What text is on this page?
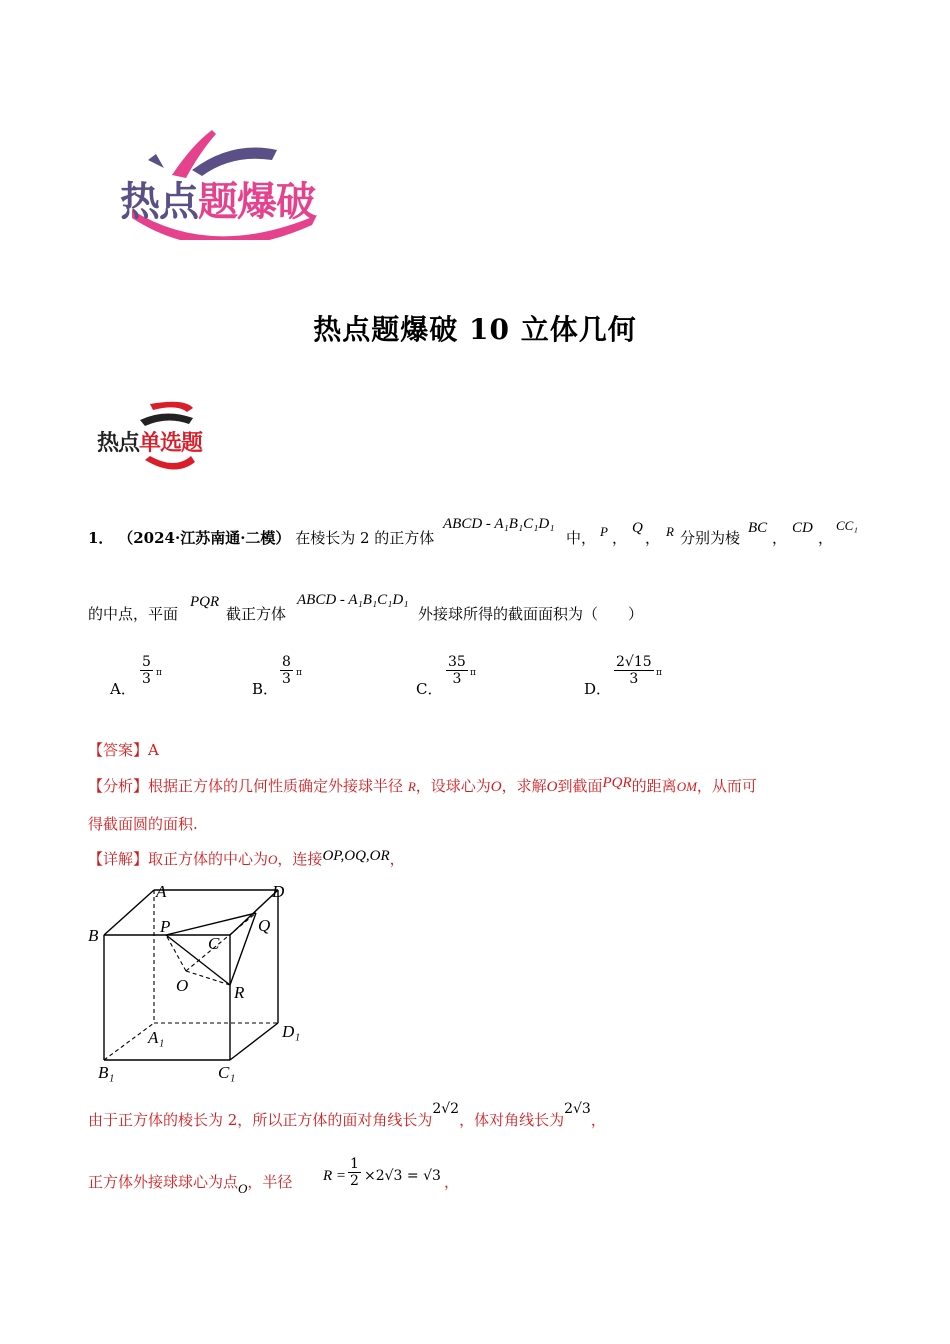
热点题爆破
热点题爆破 10 立体几何
热点单选题
1． （2024·江苏南通·二模） 在棱长为 2 的正方体
ABCD - A₁B₁C₁D₁
中， P ，
Q
， R 分别为棱
BC
，
CD
，
CC₁
的中点，平面
PQR
截正方体
ABCD - A₁B₁C₁D₁
外接球所得的截面面积为（　　）
A．
$\frac{5}{3}$ π
B．
$\frac{8}{3}$ π
C．
$\frac{35}{3}$ π
D．
$\frac{2√15}{3}$ π
【答案】A
【分析】根据正方体的几何性质确定外接球半径 R，设球心为O，求解O到截面PQR的距离OM，从而可
得截面圆的面积.
【详解】取正方体的中心为O，连接OP,OQ,OR，
A	D
B	P	Q
C
O	R
A₁	D₁
B₁	C₁
由于正方体的棱长为 2，所以正方体的面对角线长为2√2，体对角线长为2√3，
正方体外接球球心为点O，半径 $R = \frac{1}{2} \times 2√3 = √3$ ，
